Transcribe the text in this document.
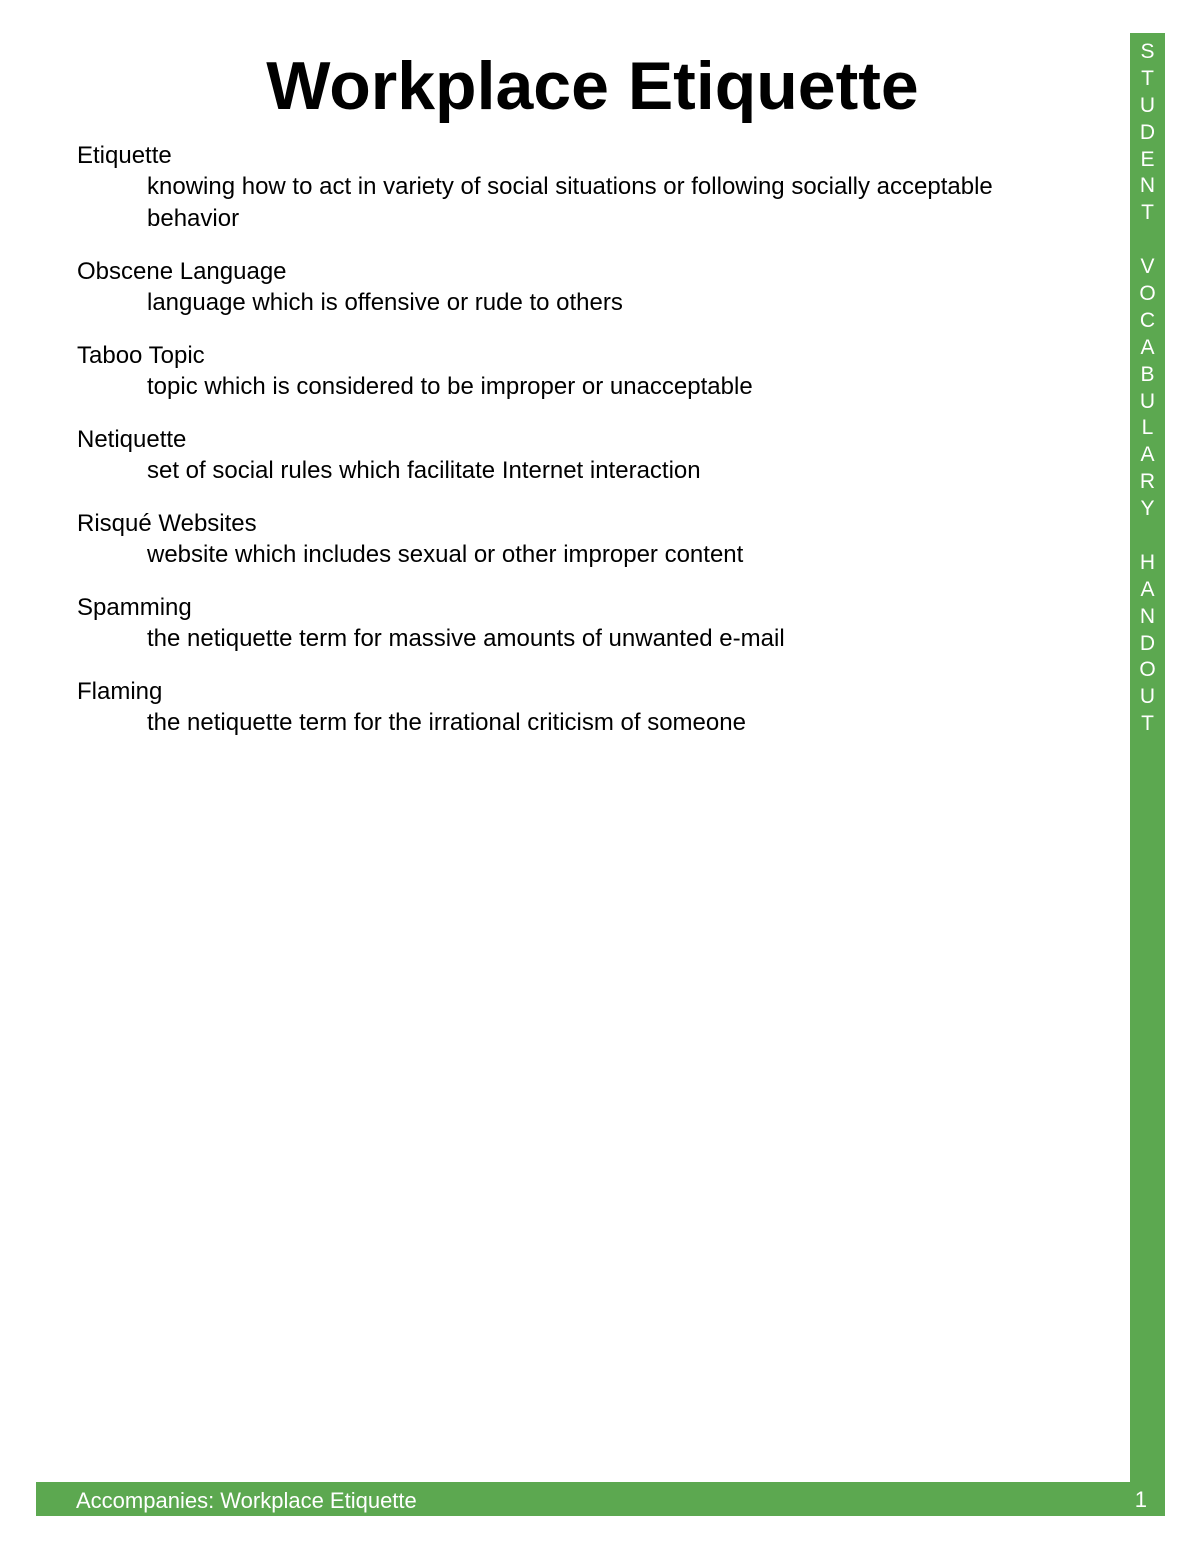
Workplace Etiquette
Etiquette
knowing how to act in variety of social situations or following socially acceptable behavior
Obscene Language
language which is offensive or rude to others
Taboo Topic
topic which is considered to be improper or unacceptable
Netiquette
set of social rules which facilitate Internet interaction
Risqué Websites
website which includes sexual or other improper content
Spamming
the netiquette term for massive amounts of unwanted e-mail
Flaming
the netiquette term for the irrational criticism of someone
S
T
U
D
E
N
T

V
O
C
A
B
U
L
A
R
Y

H
A
N
D
O
U
T
Accompanies: Workplace Etiquette	1
